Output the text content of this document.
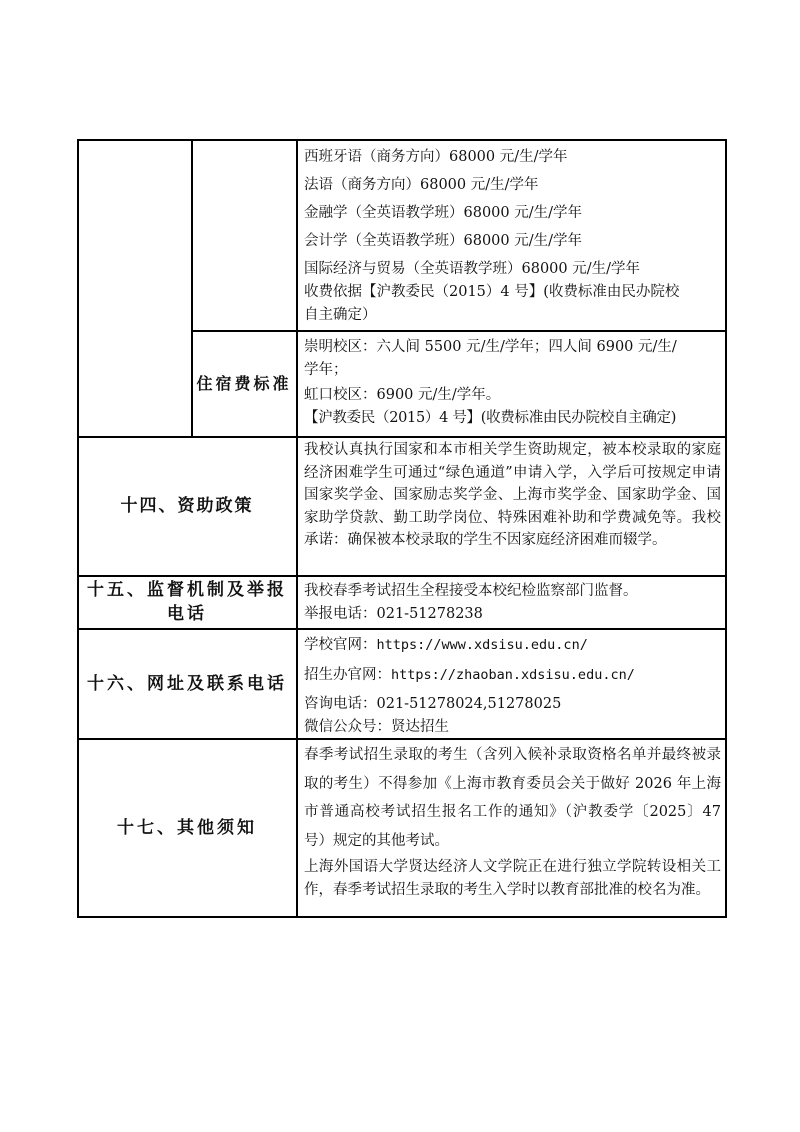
西班牙语（商务方向）68000 元/生/学年
法语（商务方向）68000 元/生/学年
金融学（全英语教学班）68000 元/生/学年
会计学（全英语教学班）68000 元/生/学年
国际经济与贸易（全英语教学班）68000 元/生/学年
收费依据【沪教委民（2015）4 号】(收费标准由民办院校
自主确定）
住宿费标准
崇明校区：六人间 5500 元/生/学年；四人间 6900 元/生/
学年；
虹口校区：6900 元/生/学年。
【沪教委民（2015）4 号】(收费标准由民办院校自主确定)
十四、资助政策
我校认真执行国家和本市相关学生资助规定，被本校录取的家庭经济困难学生可通过“绿色通道”申请入学，入学后可按规定申请国家奖学金、国家励志奖学金、上海市奖学金、国家助学金、国家助学贷款、勤工助学岗位、特殊困难补助和学费减免等。我校承诺：确保被本校录取的学生不因家庭经济困难而辍学。
十五、监督机制及举报电话
我校春季考试招生全程接受本校纪检监察部门监督。
举报电话：021-51278238
十六、网址及联系电话
学校官网：https://www.xdsisu.edu.cn/
招生办官网：https://zhaoban.xdsisu.edu.cn/
咨询电话：021-51278024,51278025
微信公众号：贤达招生
十七、其他须知
春季考试招生录取的考生（含列入候补录取资格名单并最终被录取的考生）不得参加《上海市教育委员会关于做好 2026 年上海市普通高校考试招生报名工作的通知》（沪教委学〔2025〕47 号）规定的其他考试。
上海外国语大学贤达经济人文学院正在进行独立学院转设相关工作，春季考试招生录取的考生入学时以教育部批准的校名为准。
